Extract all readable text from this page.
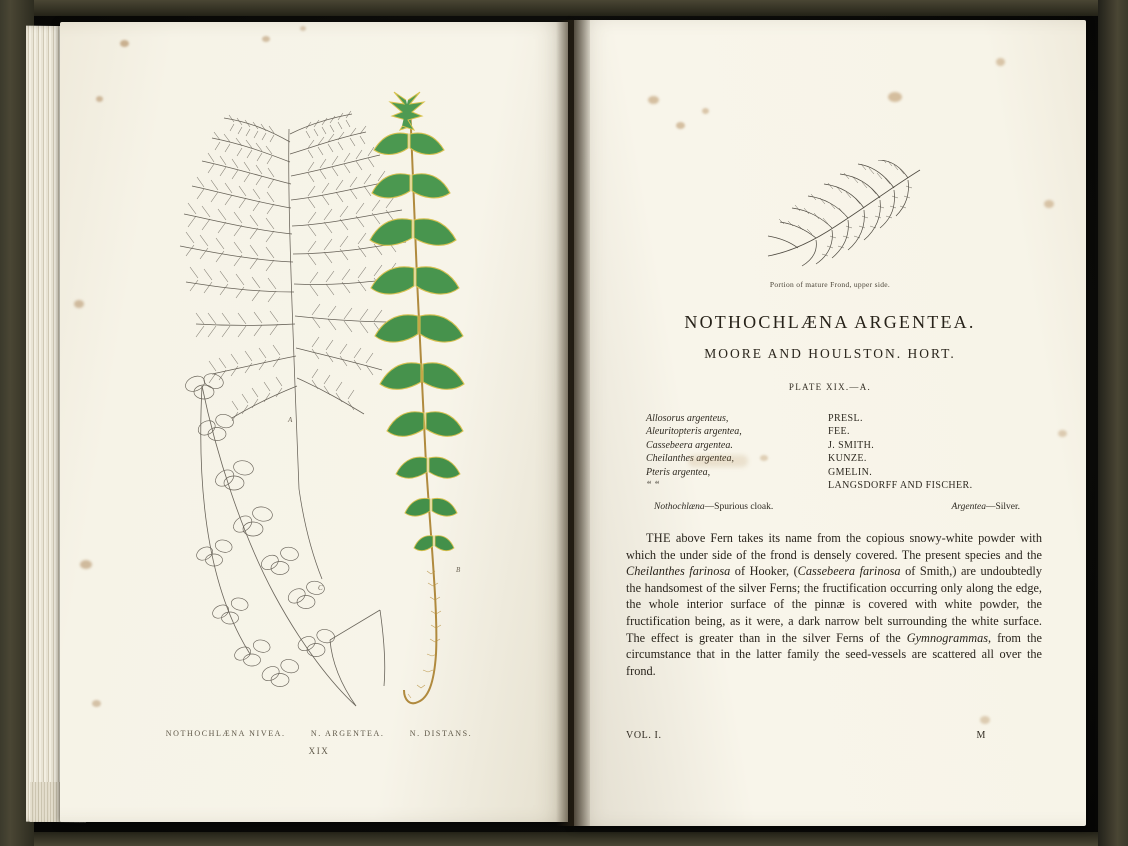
A
C
B
NOTHOCHLÆNA NIVEA.	N. ARGENTEA.	N. DISTANS.
XIX
Portion of mature Frond, upper side.
NOTHOCHLÆNA ARGENTEA.
MOORE AND HOULSTON. HORT.
PLATE XIX.—A.
Allosorus argenteus,	PRESL.
Aleuritopteris argentea,	FEE.
Cassebeera argentea.	J. SMITH.
Cheilanthes argentea,	KUNZE.
Pteris argentea,	GMELIN.
“ “	LANGSDORFF AND FISCHER.
Nothochlæna—Spurious cloak.	Argentea—Silver.
THE above Fern takes its name from the copious snowy-white powder with which the under side of the frond is densely covered. The present species and the Cheilanthes farinosa of Hooker, (Cassebeera farinosa of Smith,) are undoubtedly the handsomest of the silver Ferns; the fructification occurring only along the edge, the whole interior surface of the pinnæ is covered with white powder, the fructification being, as it were, a dark narrow belt surrounding the white surface. The effect is greater than in the silver Ferns of the Gymnogrammas, from the circumstance that in the latter family the seed-vessels are scattered all over the frond.
VOL. I.	M
